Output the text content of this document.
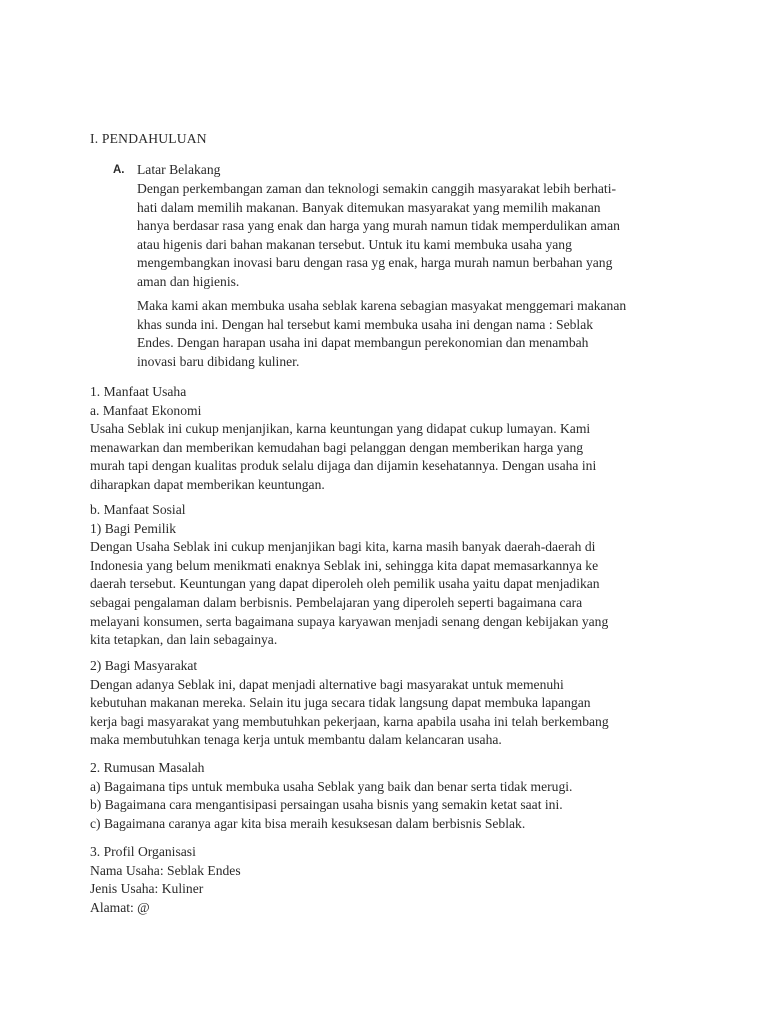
I. PENDAHULUAN
A. Latar Belakang
Dengan perkembangan zaman dan teknologi semakin canggih masyarakat lebih berhati-
hati dalam memilih makanan. Banyak ditemukan masyarakat yang memilih makanan
hanya berdasar rasa yang enak dan harga yang murah namun tidak memperdulikan aman
atau higenis dari bahan makanan tersebut. Untuk itu kami membuka usaha yang
mengembangkan inovasi baru dengan rasa yg enak, harga murah namun berbahan yang
aman dan higienis.
Maka kami akan membuka usaha seblak karena sebagian masyakat menggemari makanan
khas sunda ini. Dengan hal tersebut kami membuka usaha ini dengan nama : Seblak
Endes. Dengan harapan usaha ini dapat membangun perekonomian dan menambah
inovasi baru dibidang kuliner.
1. Manfaat Usaha
a. Manfaat Ekonomi
Usaha Seblak ini cukup menjanjikan, karna keuntungan yang didapat cukup lumayan. Kami
menawarkan dan memberikan kemudahan bagi pelanggan dengan memberikan harga yang
murah tapi dengan kualitas produk selalu dijaga dan dijamin kesehatannya. Dengan usaha ini
diharapkan dapat memberikan keuntungan.
b. Manfaat Sosial
1) Bagi Pemilik
Dengan Usaha Seblak ini cukup menjanjikan bagi kita, karna masih banyak daerah-daerah di
Indonesia yang belum menikmati enaknya Seblak ini, sehingga kita dapat memasarkannya ke
daerah tersebut. Keuntungan yang dapat diperoleh oleh pemilik usaha yaitu dapat menjadikan
sebagai pengalaman dalam berbisnis. Pembelajaran yang diperoleh seperti bagaimana cara
melayani konsumen, serta bagaimana supaya karyawan menjadi senang dengan kebijakan yang
kita tetapkan, dan lain sebagainya.
2) Bagi Masyarakat
Dengan adanya Seblak ini, dapat menjadi alternative bagi masyarakat untuk memenuhi
kebutuhan makanan mereka. Selain itu juga secara tidak langsung dapat membuka lapangan
kerja bagi masyarakat yang membutuhkan pekerjaan, karna apabila usaha ini telah berkembang
maka membutuhkan tenaga kerja untuk membantu dalam kelancaran usaha.
2. Rumusan Masalah
a) Bagaimana tips untuk membuka usaha Seblak yang baik dan benar serta tidak merugi.
b) Bagaimana cara mengantisipasi persaingan usaha bisnis yang semakin ketat saat ini.
c) Bagaimana caranya agar kita bisa meraih kesuksesan dalam berbisnis Seblak.
3. Profil Organisasi
Nama Usaha: Seblak Endes
Jenis Usaha: Kuliner
Alamat: @
